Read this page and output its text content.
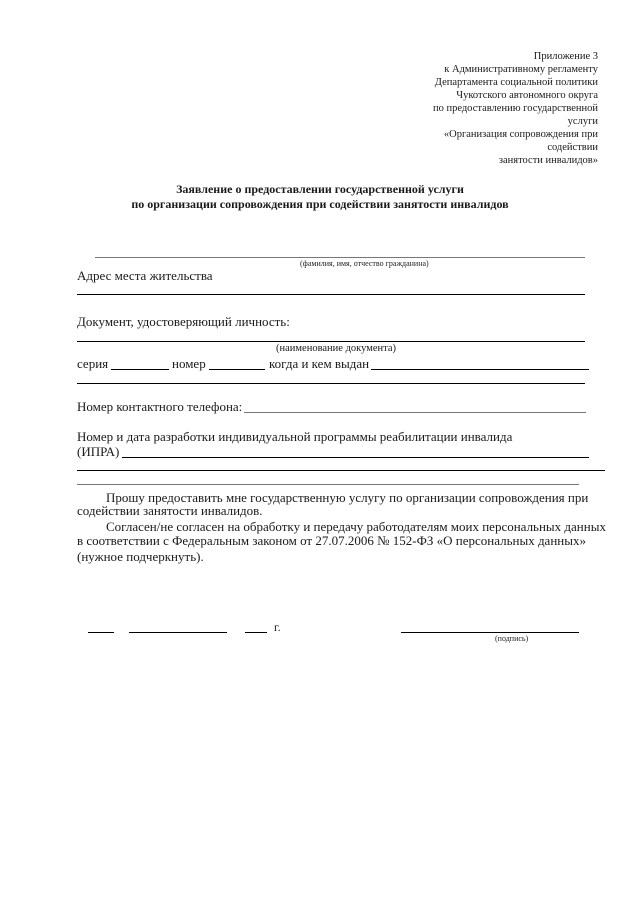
Приложение 3
к Административному регламенту
Департамента социальной политики
Чукотского автономного округа
по предоставлению государственной
услуги
«Организация сопровождения при
содействии
занятости инвалидов»
Заявление о предоставлении государственной услуги
по организации сопровождения при содействии занятости инвалидов
(фамилия, имя, отчество гражданина)
Адрес места жительства
Документ, удостоверяющий личность:
(наименование документа)
серия	номер	когда и кем выдан
Номер контактного телефона:
Номер и дата разработки индивидуальной программы реабилитации инвалида
(ИПРА)
Прошу предоставить мне государственную услугу по организации сопровождения при
содействии занятости инвалидов.
Согласен/не согласен на обработку и передачу работодателям моих персональных данных
в соответствии с Федеральным законом от 27.07.2006 № 152-ФЗ «О персональных данных»
(нужное подчеркнуть).
г.
(подпись)
